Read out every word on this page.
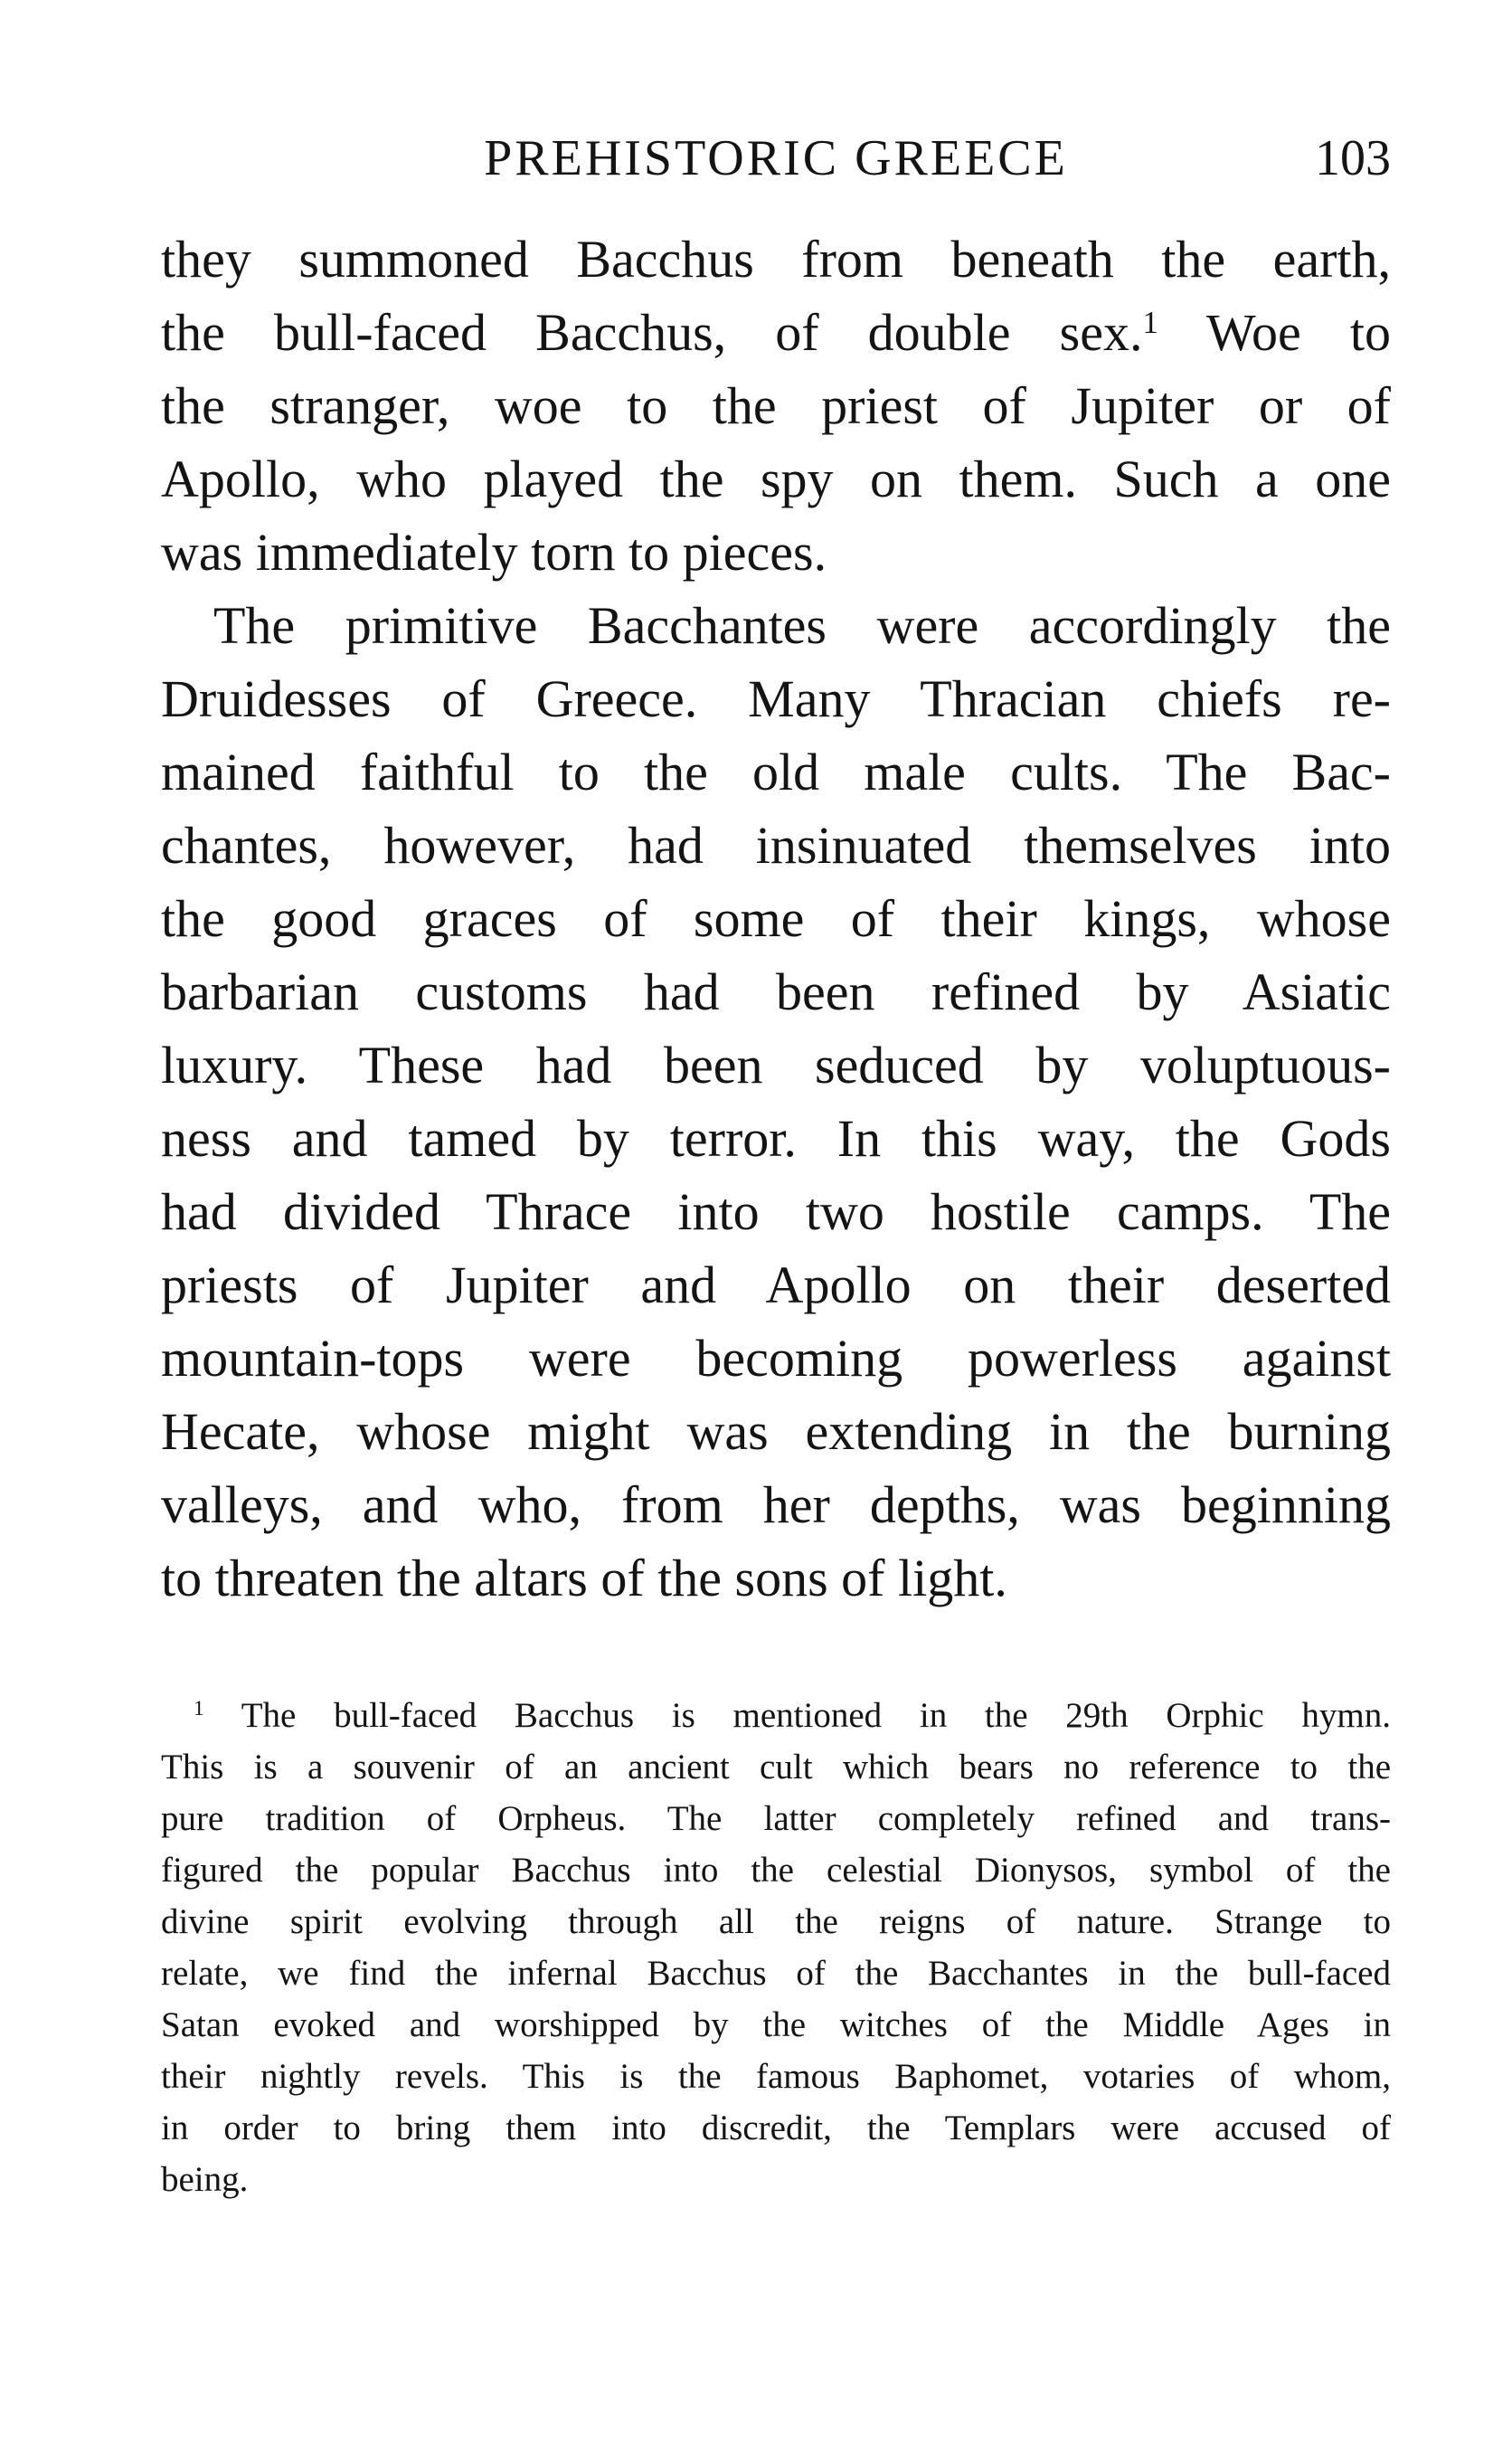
PREHISTORIC GREECE	103
they summoned Bacchus from beneath the earth,
the bull-faced Bacchus, of double sex.$^1$ Woe to
the stranger, woe to the priest of Jupiter or of
Apollo, who played the spy on them. Such a one
was immediately torn to pieces.
The primitive Bacchantes were accordingly the
Druidesses of Greece. Many Thracian chiefs re-
mained faithful to the old male cults. The Bac-
chantes, however, had insinuated themselves into
the good graces of some of their kings, whose
barbarian customs had been refined by Asiatic
luxury. These had been seduced by voluptuous-
ness and tamed by terror. In this way, the Gods
had divided Thrace into two hostile camps. The
priests of Jupiter and Apollo on their deserted
mountain-tops were becoming powerless against
Hecate, whose might was extending in the burning
valleys, and who, from her depths, was beginning
to threaten the altars of the sons of light.
$^1$ The bull-faced Bacchus is mentioned in the 29th Orphic hymn.
This is a souvenir of an ancient cult which bears no reference to the
pure tradition of Orpheus. The latter completely refined and trans-
figured the popular Bacchus into the celestial Dionysos, symbol of the
divine spirit evolving through all the reigns of nature. Strange to
relate, we find the infernal Bacchus of the Bacchantes in the bull-faced
Satan evoked and worshipped by the witches of the Middle Ages in
their nightly revels. This is the famous Baphomet, votaries of whom,
in order to bring them into discredit, the Templars were accused of
being.
